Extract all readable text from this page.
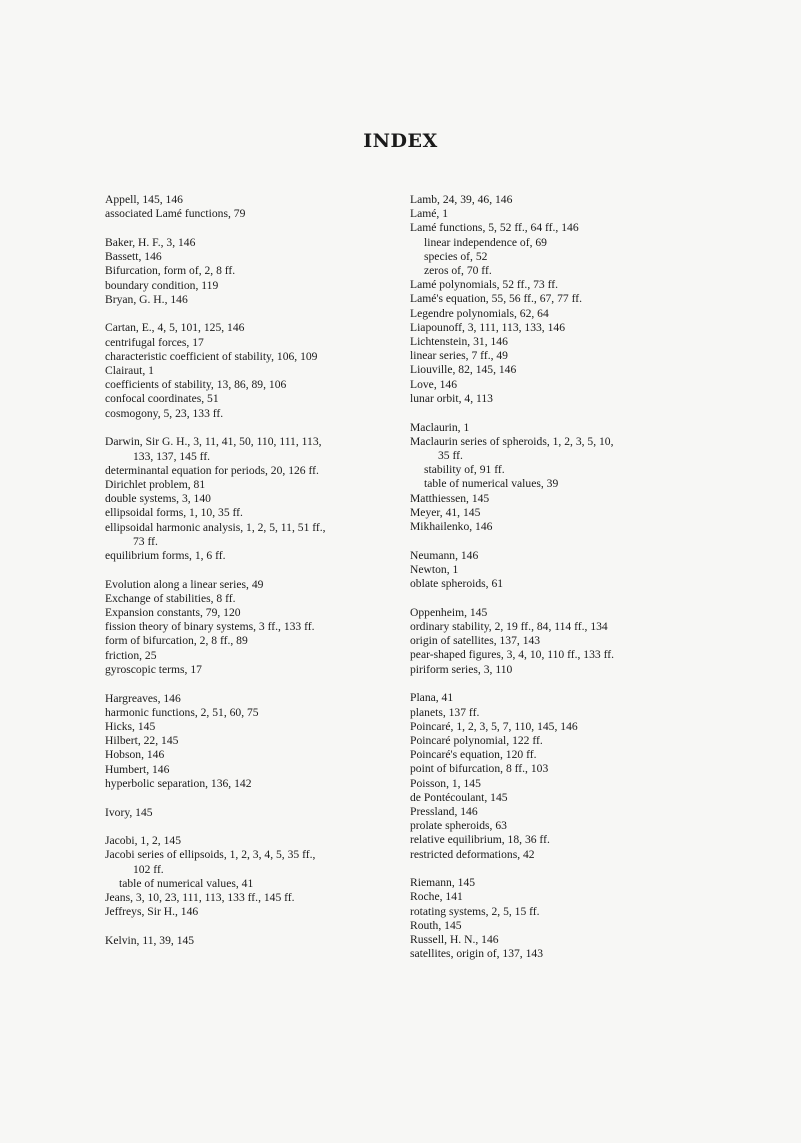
INDEX
Appell, 145, 146
associated Lamé functions, 79
Baker, H. F., 3, 146
Bassett, 146
Bifurcation, form of, 2, 8 ff.
boundary condition, 119
Bryan, G. H., 146
Cartan, E., 4, 5, 101, 125, 146
centrifugal forces, 17
characteristic coefficient of stability, 106, 109
Clairaut, 1
coefficients of stability, 13, 86, 89, 106
confocal coordinates, 51
cosmogony, 5, 23, 133 ff.
Darwin, Sir G. H., 3, 11, 41, 50, 110, 111, 113,
133, 137, 145 ff.
determinantal equation for periods, 20, 126 ff.
Dirichlet problem, 81
double systems, 3, 140
ellipsoidal forms, 1, 10, 35 ff.
ellipsoidal harmonic analysis, 1, 2, 5, 11, 51 ff.,
73 ff.
equilibrium forms, 1, 6 ff.
Evolution along a linear series, 49
Exchange of stabilities, 8 ff.
Expansion constants, 79, 120
fission theory of binary systems, 3 ff., 133 ff.
form of bifurcation, 2, 8 ff., 89
friction, 25
gyroscopic terms, 17
Hargreaves, 146
harmonic functions, 2, 51, 60, 75
Hicks, 145
Hilbert, 22, 145
Hobson, 146
Humbert, 146
hyperbolic separation, 136, 142
Ivory, 145
Jacobi, 1, 2, 145
Jacobi series of ellipsoids, 1, 2, 3, 4, 5, 35 ff.,
102 ff.
table of numerical values, 41
Jeans, 3, 10, 23, 111, 113, 133 ff., 145 ff.
Jeffreys, Sir H., 146
Kelvin, 11, 39, 145
Lamb, 24, 39, 46, 146
Lamé, 1
Lamé functions, 5, 52 ff., 64 ff., 146
linear independence of, 69
species of, 52
zeros of, 70 ff.
Lamé polynomials, 52 ff., 73 ff.
Lamé's equation, 55, 56 ff., 67, 77 ff.
Legendre polynomials, 62, 64
Liapounoff, 3, 111, 113, 133, 146
Lichtenstein, 31, 146
linear series, 7 ff., 49
Liouville, 82, 145, 146
Love, 146
lunar orbit, 4, 113
Maclaurin, 1
Maclaurin series of spheroids, 1, 2, 3, 5, 10,
35 ff.
stability of, 91 ff.
table of numerical values, 39
Matthiessen, 145
Meyer, 41, 145
Mikhailenko, 146
Neumann, 146
Newton, 1
oblate spheroids, 61
Oppenheim, 145
ordinary stability, 2, 19 ff., 84, 114 ff., 134
origin of satellites, 137, 143
pear-shaped figures, 3, 4, 10, 110 ff., 133 ff.
piriform series, 3, 110
Plana, 41
planets, 137 ff.
Poincaré, 1, 2, 3, 5, 7, 110, 145, 146
Poincaré polynomial, 122 ff.
Poincaré's equation, 120 ff.
point of bifurcation, 8 ff., 103
Poisson, 1, 145
de Pontécoulant, 145
Pressland, 146
prolate spheroids, 63
relative equilibrium, 18, 36 ff.
restricted deformations, 42
Riemann, 145
Roche, 141
rotating systems, 2, 5, 15 ff.
Routh, 145
Russell, H. N., 146
satellites, origin of, 137, 143
